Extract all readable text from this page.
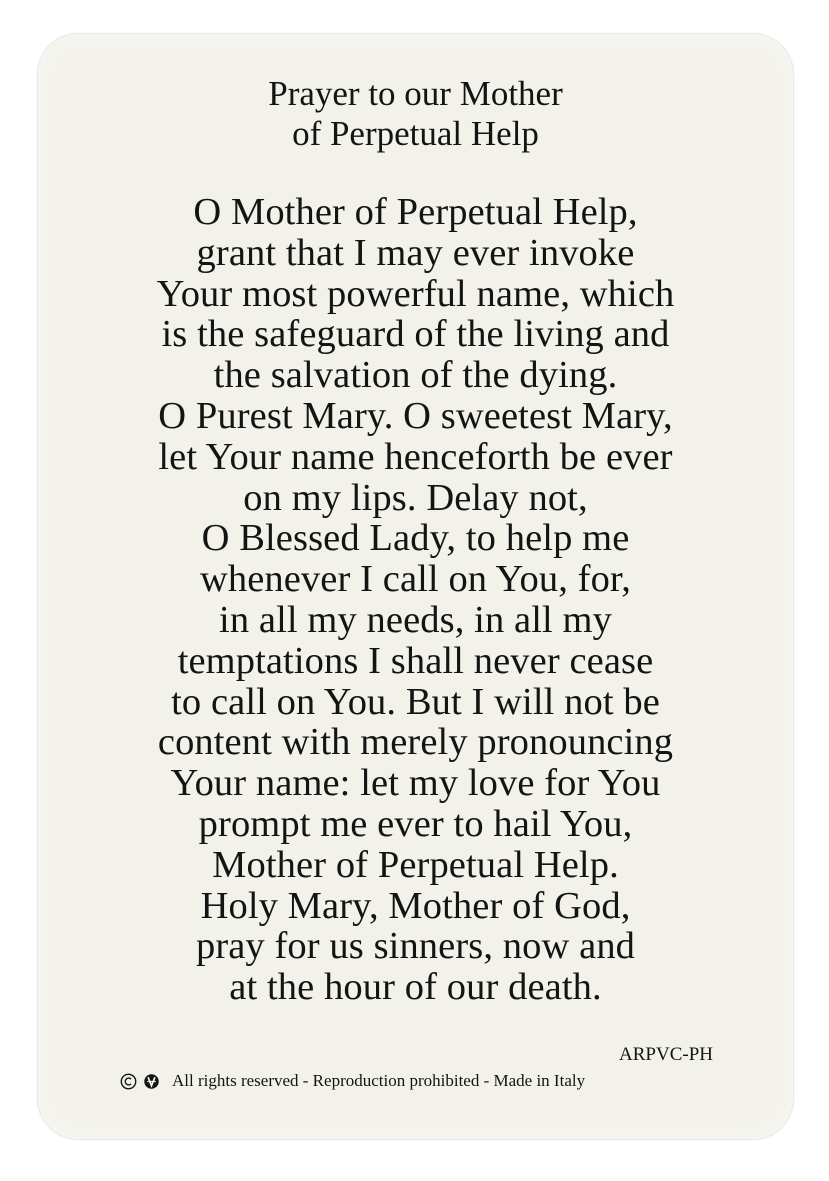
Prayer to our Mother
of Perpetual Help
O Mother of Perpetual Help,
grant that I may ever invoke
Your most powerful name, which
is the safeguard of the living and
the salvation of the dying.
O Purest Mary. O sweetest Mary,
let Your name henceforth be ever
on my lips. Delay not,
O Blessed Lady, to help me
whenever I call on You, for,
in all my needs, in all my
temptations I shall never cease
to call on You. But I will not be
content with merely pronouncing
Your name: let my love for You
prompt me ever to hail You,
Mother of Perpetual Help.
Holy Mary, Mother of God,
pray for us sinners, now and
at the hour of our death.
ARPVC-PH
All rights reserved - Reproduction prohibited - Made in Italy
